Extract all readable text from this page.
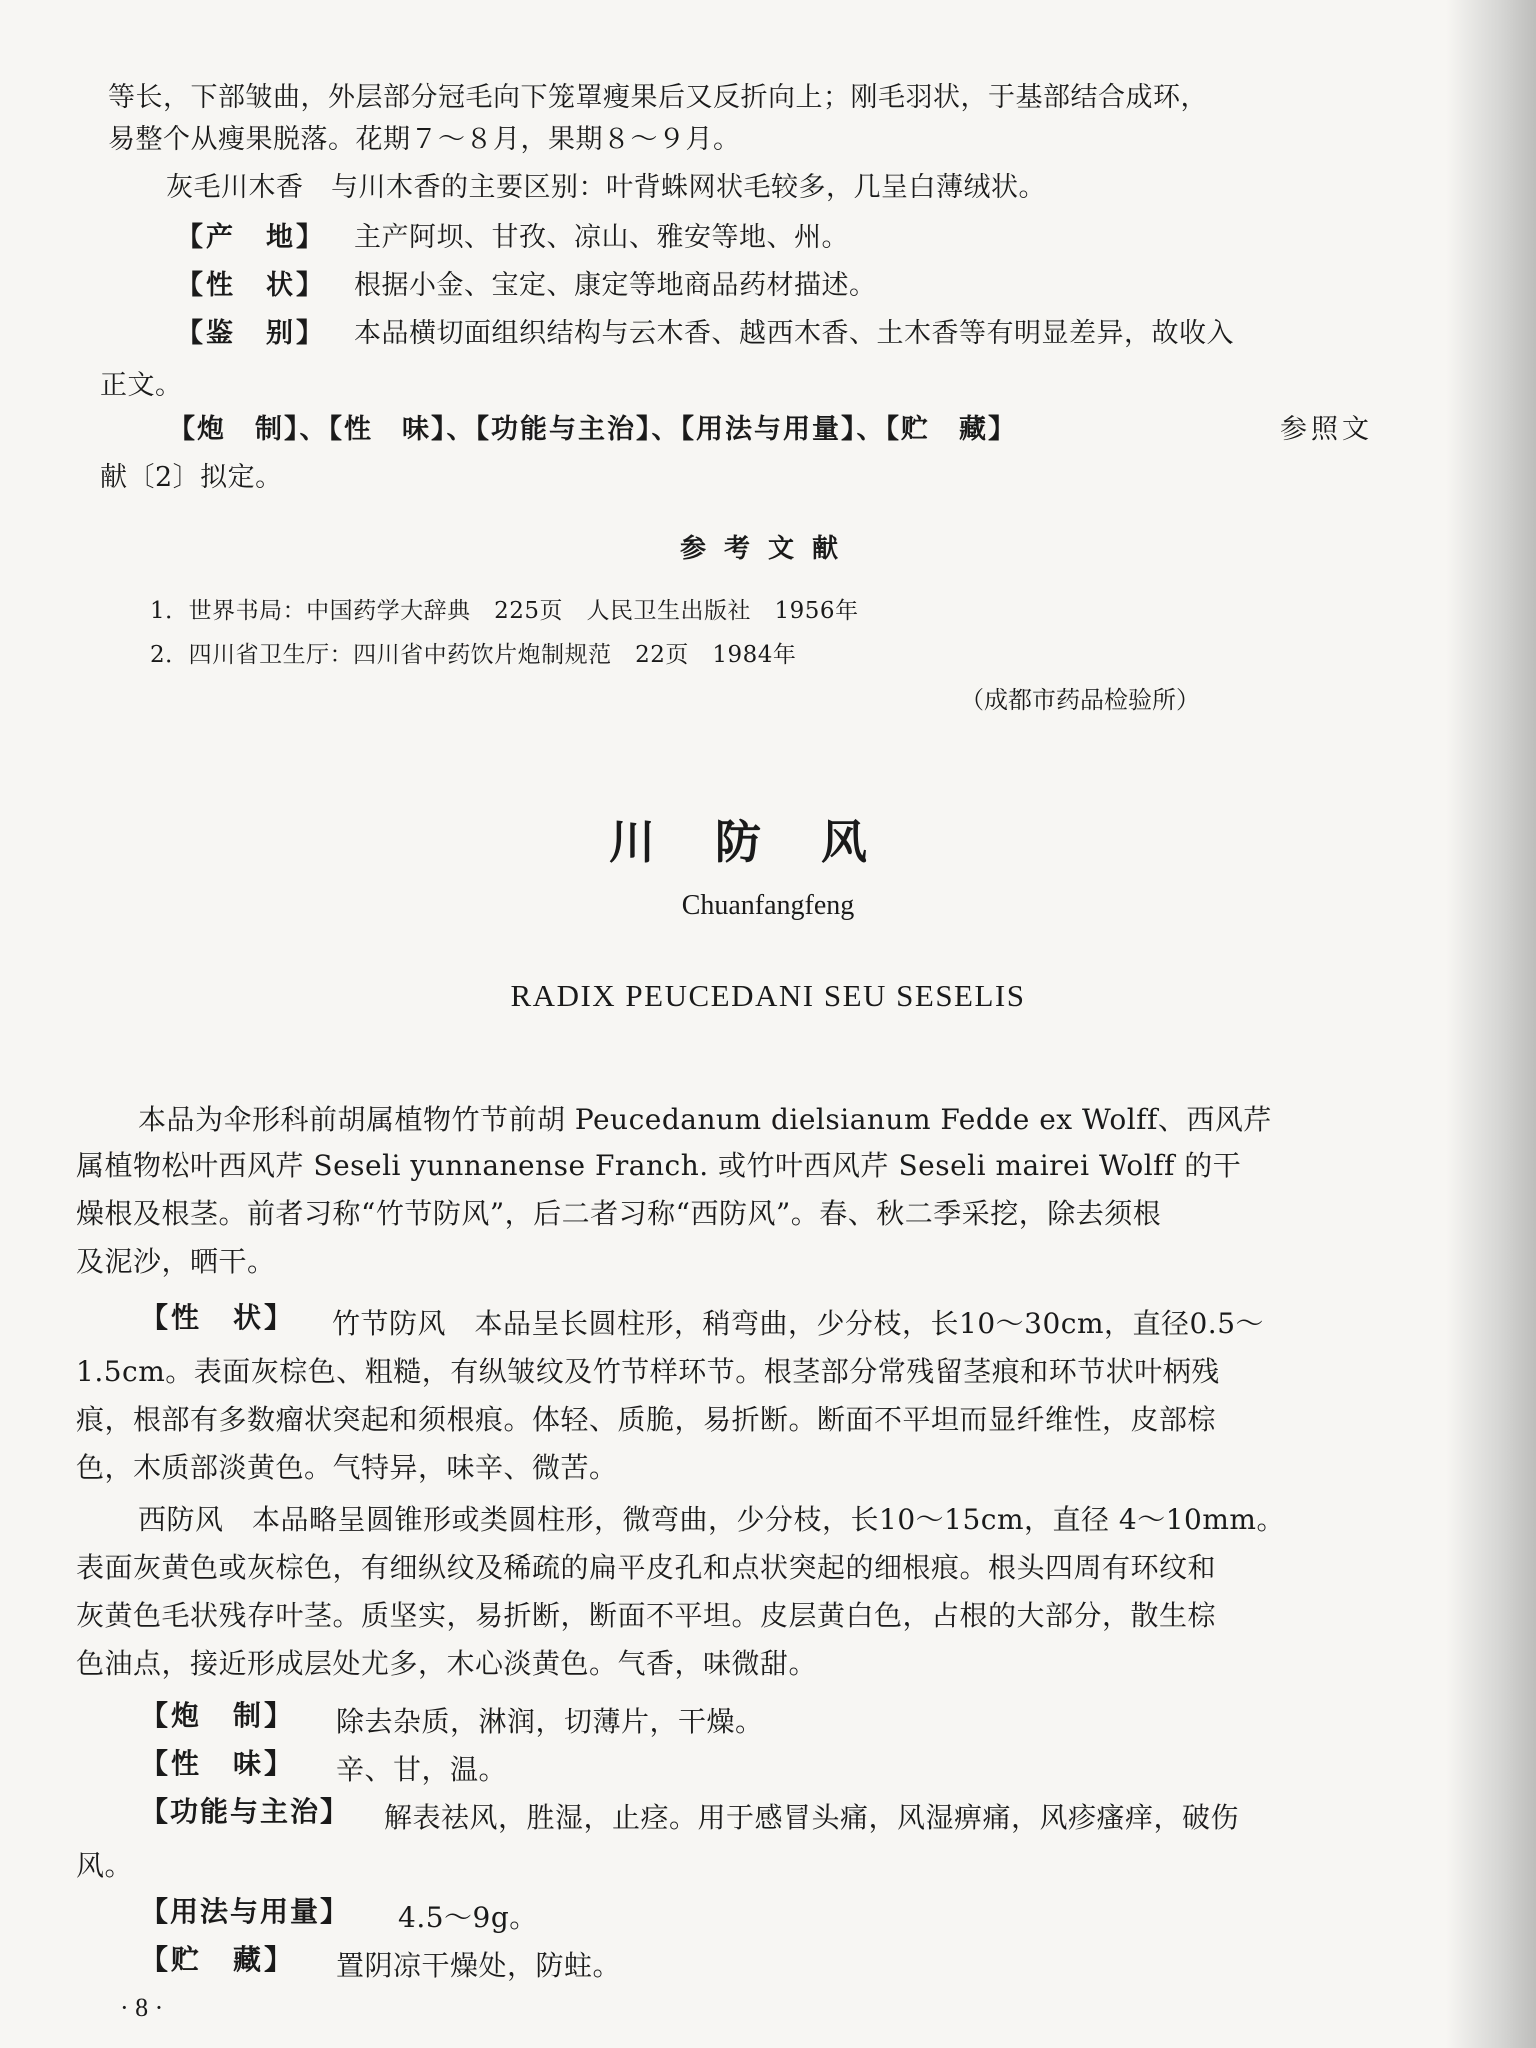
等长，下部皱曲，外层部分冠毛向下笼罩瘦果后又反折向上；刚毛羽状，于基部结合成环，
易整个从瘦果脱落。花期７～８月，果期８～９月。
灰毛川木香　与川木香的主要区别：叶背蛛网状毛较多，几呈白薄绒状。
【产　地】 主产阿坝、甘孜、凉山、雅安等地、州。
【性　状】 根据小金、宝定、康定等地商品药材描述。
【鉴　别】 本品横切面组织结构与云木香、越西木香、土木香等有明显差异，故收入
正文。
【炮　制】、【性　味】、【功能与主治】、【用法与用量】、【贮　藏】	参照文
献〔2〕拟定。
参考文献
1．世界书局：中国药学大辞典　225页　人民卫生出版社　1956年
2．四川省卫生厅：四川省中药饮片炮制规范　22页　1984年
（成都市药品检验所）
川防风
Chuanfangfeng
RADIX PEUCEDANI SEU SESELIS
本品为伞形科前胡属植物竹节前胡 Peucedanum dielsianum Fedde ex Wolff、西风芹
属植物松叶西风芹 Seseli yunnanense Franch. 或竹叶西风芹 Seseli mairei Wolff 的干
燥根及根茎。前者习称“竹节防风”，后二者习称“西防风”。春、秋二季采挖，除去须根
及泥沙，晒干。
【性　状】 竹节防风　本品呈长圆柱形，稍弯曲，少分枝，长10～30cm，直径0.5～
1.5cm。表面灰棕色、粗糙，有纵皱纹及竹节样环节。根茎部分常残留茎痕和环节状叶柄残
痕，根部有多数瘤状突起和须根痕。体轻、质脆，易折断。断面不平坦而显纤维性，皮部棕
色，木质部淡黄色。气特异，味辛、微苦。
西防风　本品略呈圆锥形或类圆柱形，微弯曲，少分枝，长10～15cm，直径 4～10mm。
表面灰黄色或灰棕色，有细纵纹及稀疏的扁平皮孔和点状突起的细根痕。根头四周有环纹和
灰黄色毛状残存叶茎。质坚实，易折断，断面不平坦。皮层黄白色，占根的大部分，散生棕
色油点，接近形成层处尤多，木心淡黄色。气香，味微甜。
【炮　制】 除去杂质，淋润，切薄片，干燥。
【性　味】 辛、甘，温。
【功能与主治】 解表祛风，胜湿，止痉。用于感冒头痛，风湿痹痛，风疹瘙痒，破伤
风。
【用法与用量】 4.5～9g。
【贮　藏】 置阴凉干燥处，防蛀。
· 8 ·
